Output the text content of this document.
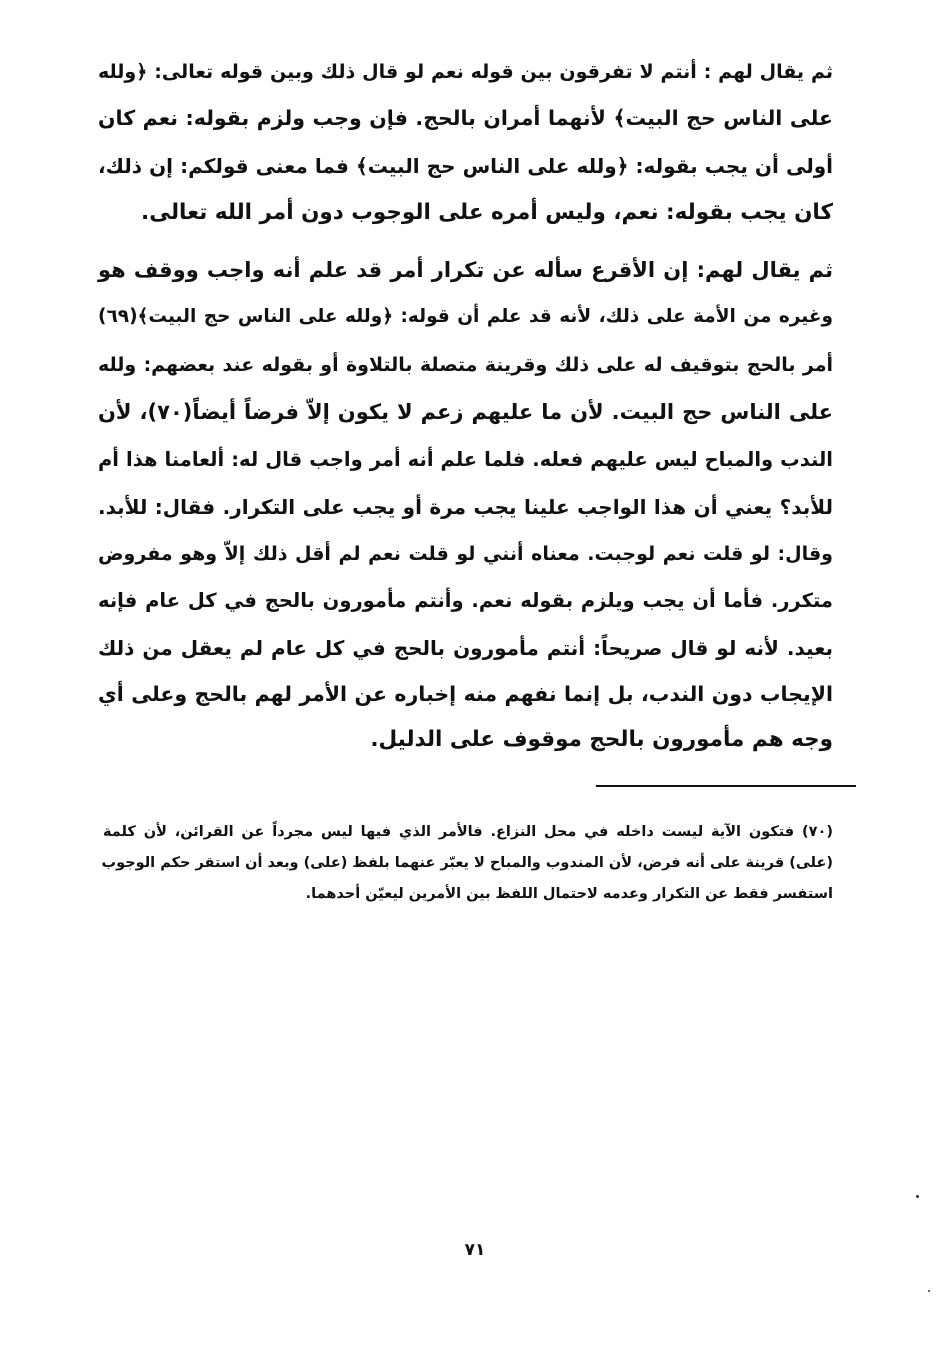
ثم يقال لهم : أنتم لا تفرقون بين قوله نعم لو قال ذلك وبين قوله تعالى: ﴿ولله
على الناس حج البيت﴾ لأنهما أمران بالحج. فإن وجب ولزم بقوله: نعم كان
أولى أن يجب بقوله: ﴿ولله على الناس حج البيت﴾ فما معنى قولكم: إن ذلك،
كان يجب بقوله: نعم، وليس أمره على الوجوب دون أمر الله تعالى.
ثم يقال لهم: إن الأقرع سأله عن تكرار أمر قد علم أنه واجب ووقف هو
وغيره من الأمة على ذلك، لأنه قد علم أن قوله: ﴿ولله على الناس حج البيت﴾(٦٩)
أمر بالحج بتوقيف له على ذلك وقرينة متصلة بالتلاوة أو بقوله عند بعضهم: ولله
على الناس حج البيت. لأن ما عليهم زعم لا يكون إلاّ فرضاً أيضاً(٧٠)، لأن
الندب والمباح ليس عليهم فعله. فلما علم أنه أمر واجب قال له: ألعامنا هذا أم
للأبد؟ يعني أن هذا الواجب علينا يجب مرة أو يجب على التكرار. فقال: للأبد.
وقال: لو قلت نعم لوجبت. معناه أنني لو قلت نعم لم أقل ذلك إلاّ وهو مفروض
متكرر. فأما أن يجب ويلزم بقوله نعم. وأنتم مأمورون بالحج في كل عام فإنه
بعيد. لأنه لو قال صريحاً: أنتم مأمورون بالحج في كل عام لم يعقل من ذلك
الإيجاب دون الندب، بل إنما نفهم منه إخباره عن الأمر لهم بالحج وعلى أي
وجه هم مأمورون بالحج موقوف على الدليل.
(٧٠) فتكون الآية ليست داخله في محل النزاع. فالأمر الذي فيها ليس مجرداً عن القرائن، لأن كلمة
(على) قرينة على أنه فرض، لأن المندوب والمباح لا يعبّر عنهما بلفظ (على) وبعد أن استقر حكم الوجوب
استفسر فقط عن التكرار وعدمه لاحتمال اللفظ بين الأمرين ليعيّن أحدهما.
٧١
